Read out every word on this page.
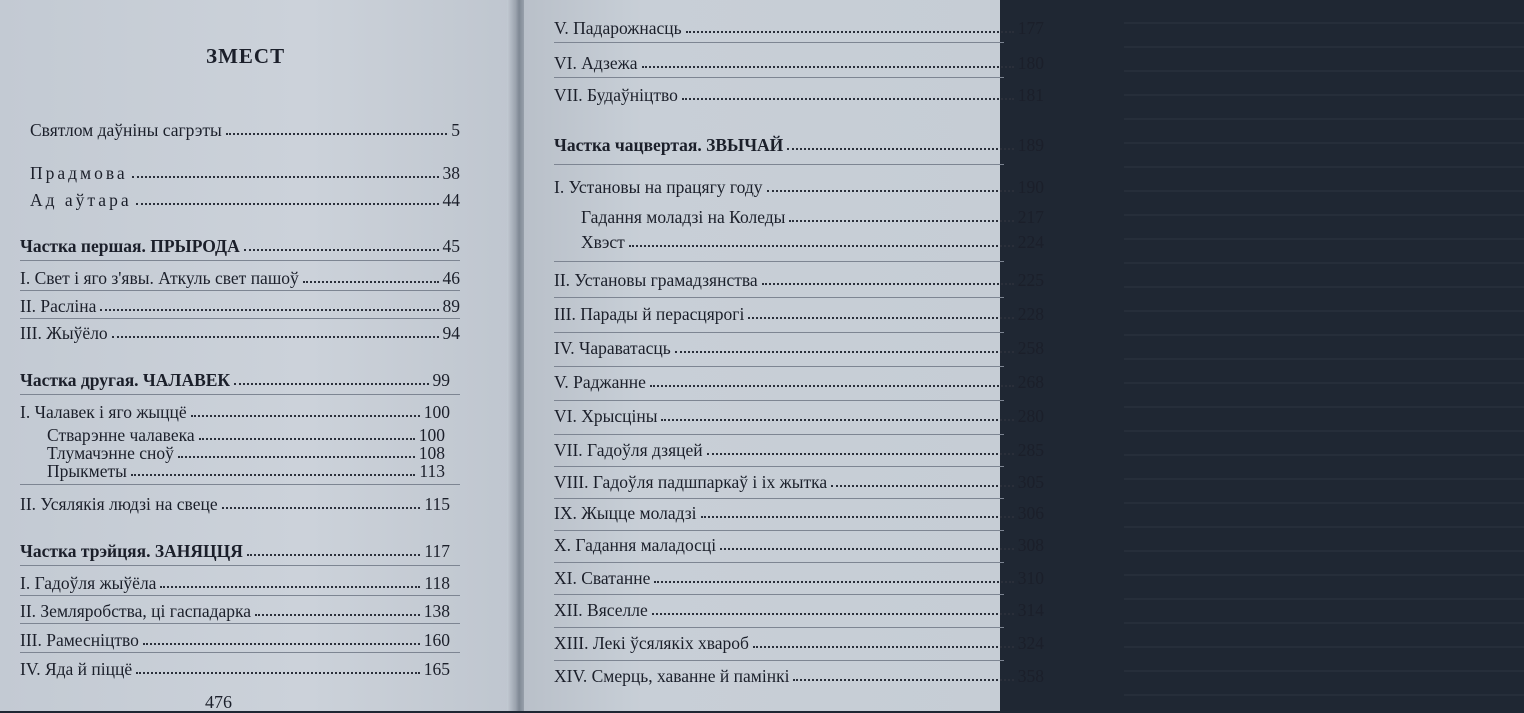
ЗМЕСТ
Святлом даўніны сагрэты	5
Прадмова	38
Ад аўтара	44
Частка першая. ПРЫРОДА	45
I. Свет і яго з'явы. Аткуль свет пашоў	46
II. Расліна	89
III. Жыўёло	94
Частка другая. ЧАЛАВЕК	99
I. Чалавек і яго жыццё	100
Стварэнне чалавека	100
Тлумачэнне сноў	108
Прыкметы	113
II. Усялякія людзі на свеце	115
Частка трэйцяя. ЗАНЯЦЦЯ	117
I. Гадоўля жыўёла	118
II. Земляробства, ці гаспадарка	138
III. Рамесніцтво	160
IV. Яда й піццё	165
476
V. Падарожнасць	177
VI. Адзежа	180
VII. Будаўніцтво	181
Частка чацвертая. ЗВЫЧАЙ	189
I. Установы на працягу году	190
Гадання моладзі на Коледы	217
Хвэст	224
II. Установы грамадзянства	225
III. Парады й перасцярогі	228
IV. Чараватасць	258
V. Раджанне	268
VI. Хрысціны	280
VII. Гадоўля дзяцей	285
VIII. Гадоўля падшпаркаў і іх жытка	305
IX. Жыцце моладзі	306
X. Гадання маладосці	308
XI. Сватанне	310
XII. Вяселле	314
XIII. Лекі ўсялякіх хвароб	324
XIV. Смерць, хаванне й памінкі	358
